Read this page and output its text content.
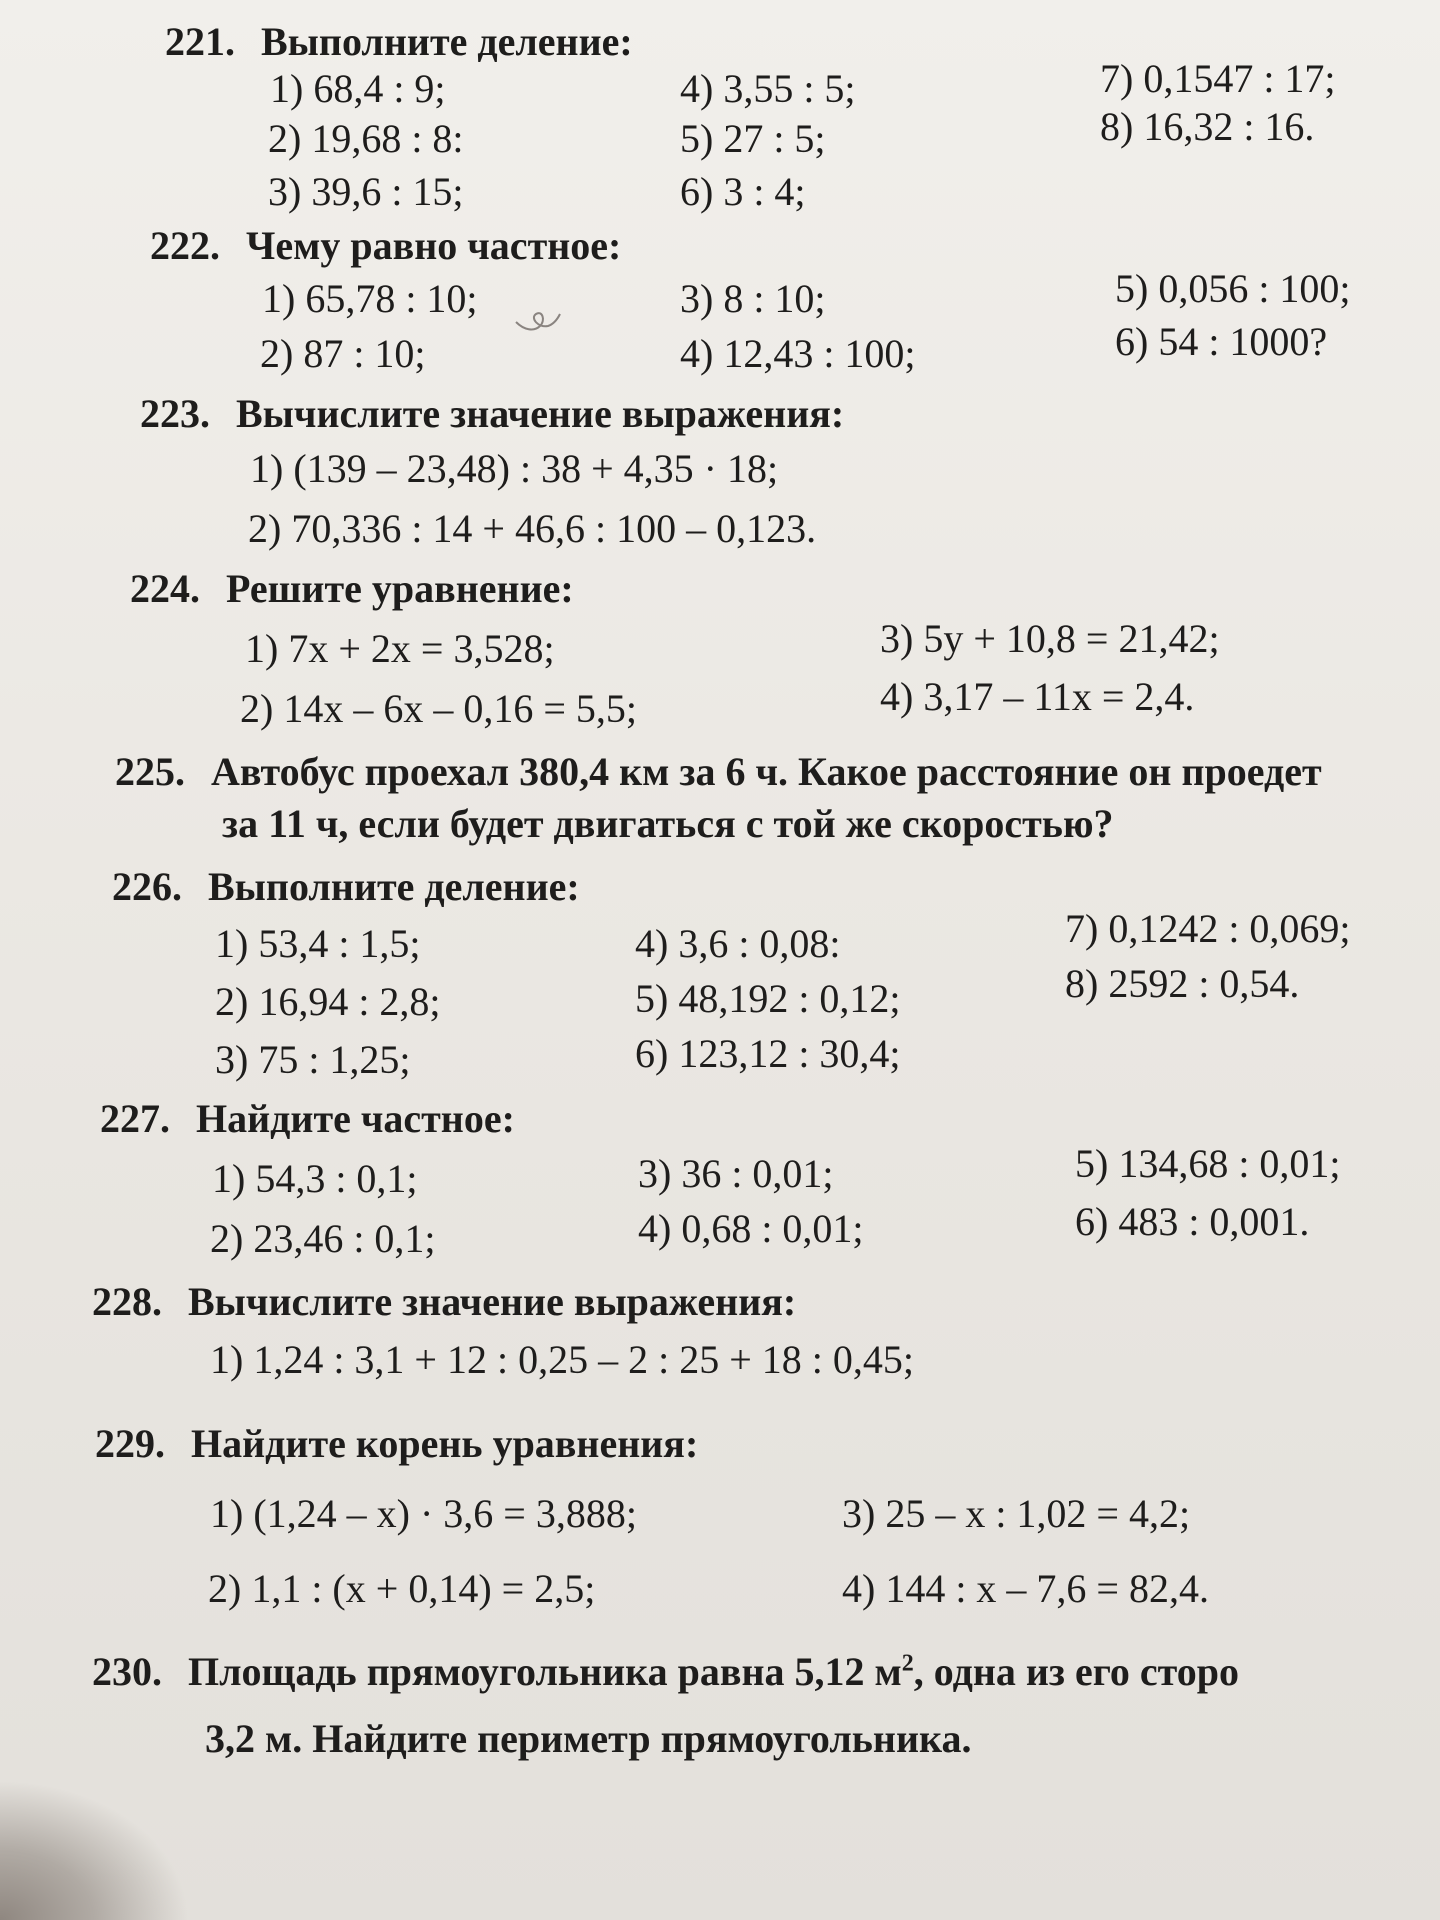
221. Выполните деление:
1) 68,4 : 9;
2) 19,68 : 8:
3) 39,6 : 15;
4) 3,55 : 5;
5) 27 : 5;
6) 3 : 4;
7) 0,1547 : 17;
8) 16,32 : 16.
222. Чему равно частное:
1) 65,78 : 10;
2) 87 : 10;
3) 8 : 10;
4) 12,43 : 100;
5) 0,056 : 100;
6) 54 : 1000?
223. Вычислите значение выражения:
1) (139 – 23,48) : 38 + 4,35 · 18;
2) 70,336 : 14 + 46,6 : 100 – 0,123.
224. Решите уравнение:
1) 7x + 2x = 3,528;
2) 14x – 6x – 0,16 = 5,5;
3) 5y + 10,8 = 21,42;
4) 3,17 – 11x = 2,4.
225. Автобус проехал 380,4 км за 6 ч. Какое расстояние он проедет
за 11 ч, если будет двигаться с той же скоростью?
226. Выполните деление:
1) 53,4 : 1,5;
2) 16,94 : 2,8;
3) 75 : 1,25;
4) 3,6 : 0,08:
5) 48,192 : 0,12;
6) 123,12 : 30,4;
7) 0,1242 : 0,069;
8) 2592 : 0,54.
227. Найдите частное:
1) 54,3 : 0,1;
2) 23,46 : 0,1;
3) 36 : 0,01;
4) 0,68 : 0,01;
5) 134,68 : 0,01;
6) 483 : 0,001.
228. Вычислите значение выражения:
1) 1,24 : 3,1 + 12 : 0,25 – 2 : 25 + 18 : 0,45;
229. Найдите корень уравнения:
1) (1,24 – x) · 3,6 = 3,888;
2) 1,1 : (x + 0,14) = 2,5;
3) 25 – x : 1,02 = 4,2;
4) 144 : x – 7,6 = 82,4.
230. Площадь прямоугольника равна 5,12 $м^2$, одна из его сторо
3,2 м. Найдите периметр прямоугольника.
